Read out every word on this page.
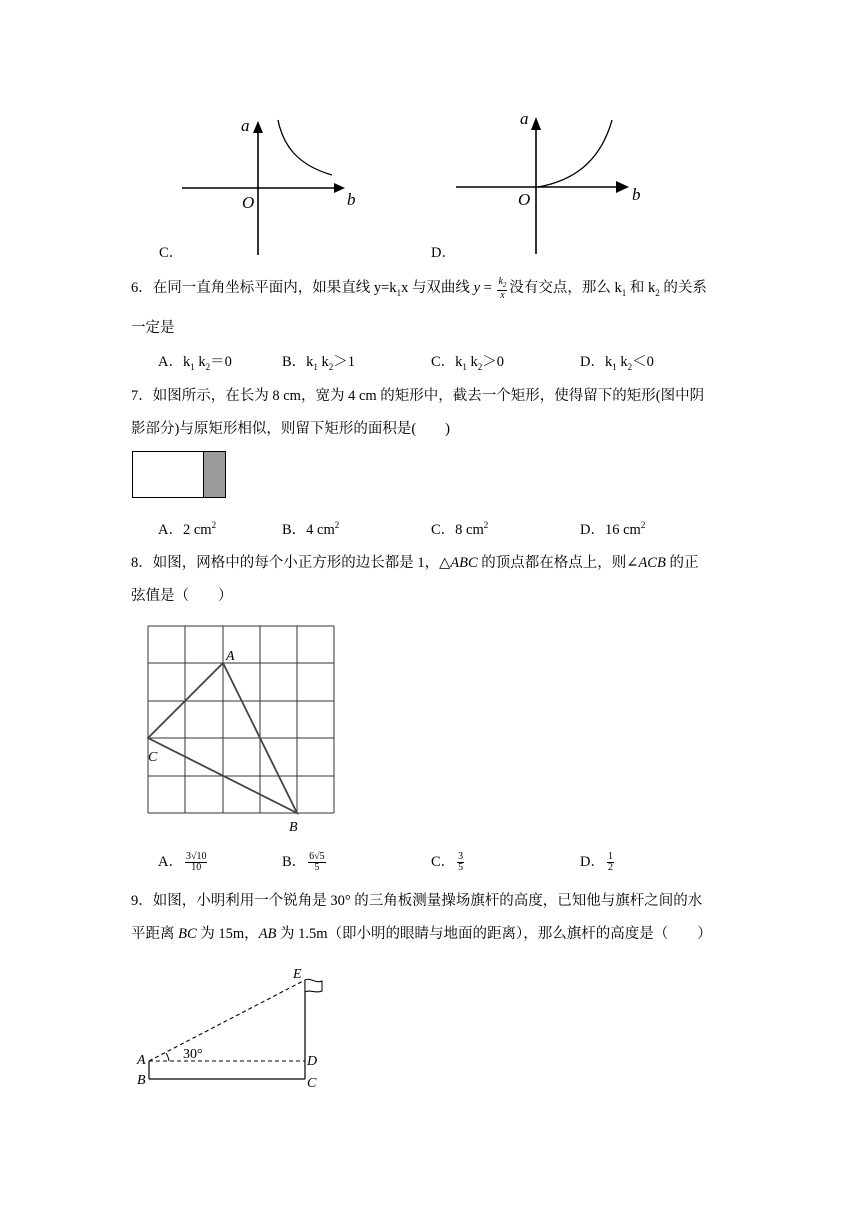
a
b
O
C．
a
b
O
D．
6．在同一直角坐标平面内，如果直线 $y=k_1x$ 与双曲线 $y = \frac{k_2}{x}$ 没有交点，那么 $k_1$ 和 $k_2$ 的关系
一定是
A．$k_1$ $k_2=0$	B．$k_1$ $k_2>1$	C．$k_1$ $k_2>0$	D．$k_1$ $k_2<0$
7．如图所示，在长为 8 cm，宽为 4 cm 的矩形中，截去一个矩形，使得留下的矩形(图中阴
影部分)与原矩形相似，则留下矩形的面积是(　　)
A．2 $cm^2$	B．4 $cm^2$	C．8 $cm^2$	D．16 $cm^2$
8．如图，网格中的每个小正方形的边长都是 1，△ABC 的顶点都在格点上，则∠ACB 的正
弦值是（　　）
A
C
B
A． $\frac{3√10}{10}$	B． $\frac{6√5}{5}$	C． $\frac{3}{5}$	D． $\frac{1}{2}$
9．如图，小明利用一个锐角是 30° 的三角板测量操场旗杆的高度，已知他与旗杆之间的水
平距离 BC 为 15m，AB 为 1.5m（即小明的眼睛与地面的距离），那么旗杆的高度是（　　）
30°
A
B	C
D
E
